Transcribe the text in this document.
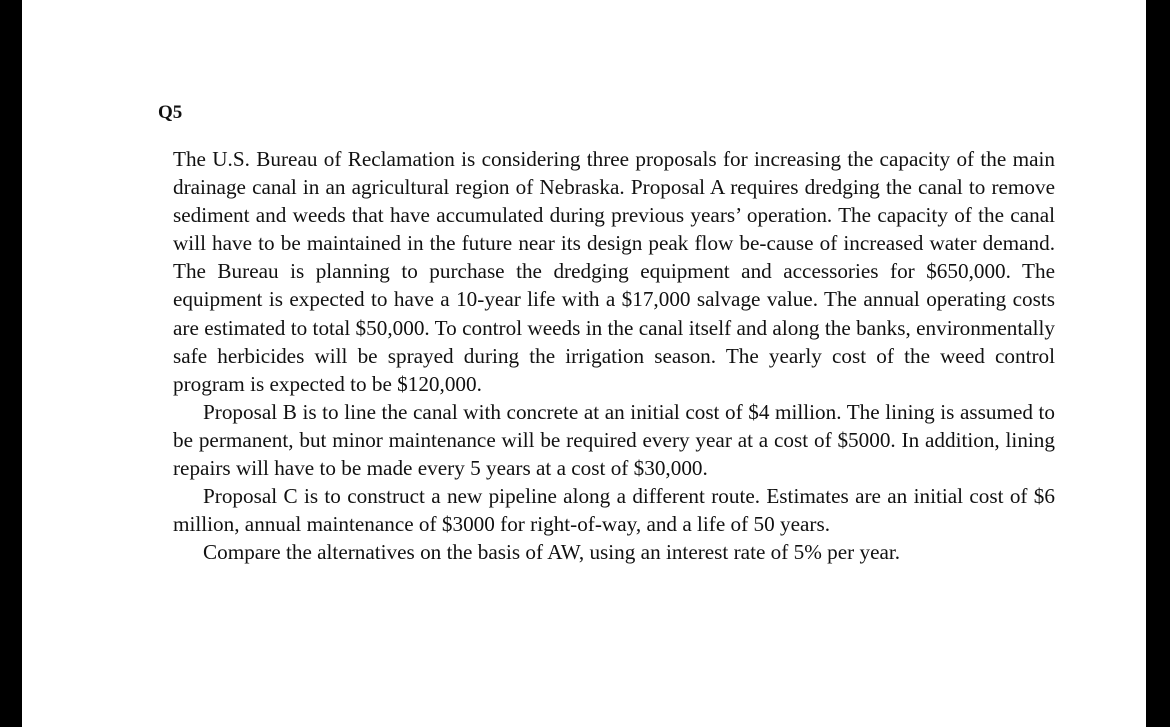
Q5

The U.S. Bureau of Reclamation is considering three proposals for increasing the capacity of the main drainage canal in an agricultural region of Nebraska. Proposal A requires dredging the canal to remove sediment and weeds that have accumulated during previous years’ operation. The capacity of the canal will have to be maintained in the future near its design peak flow be-cause of increased water demand. The Bureau is planning to purchase the dredging equipment and accessories for $650,000. The equipment is expected to have a 10-year life with a $17,000 salvage value. The annual operating costs are estimated to total $50,000. To control weeds in the canal itself and along the banks, environmentally safe herbicides will be sprayed during the irrigation season. The yearly cost of the weed control program is expected to be $120,000.

Proposal B is to line the canal with concrete at an initial cost of $4 million. The lining is assumed to be permanent, but minor maintenance will be required every year at a cost of $5000. In addition, lining repairs will have to be made every 5 years at a cost of $30,000.

Proposal C is to construct a new pipeline along a different route. Estimates are an initial cost of $6 million, annual maintenance of $3000 for right-of-way, and a life of 50 years.

Compare the alternatives on the basis of AW, using an interest rate of 5% per year.
